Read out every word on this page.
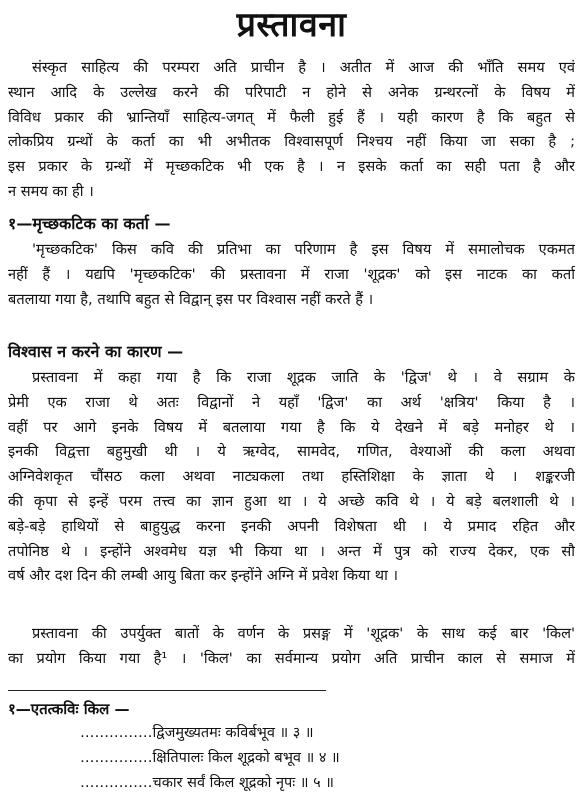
प्रस्तावना
संस्कृत साहित्य की परम्परा अति प्राचीन है । अतीत में आज की भाँति समय एवं
स्थान आदि के उल्लेख करने की परिपाटी न होने से अनेक ग्रन्थरत्नों के विषय में
विविध प्रकार की भ्रान्तियाँ साहित्य-जगत् में फैली हुई हैं । यही कारण है कि बहुत से
लोकप्रिय ग्रन्थों के कर्ता का भी अभीतक विश्वासपूर्ण निश्चय नहीं किया जा सका है ;
इस प्रकार के ग्रन्थों में मृच्छकटिक भी एक है । न इसके कर्ता का सही पता है और
न समय का ही ।
१—मृच्छकटिक का कर्ता —
'मृच्छकटिक' किस कवि की प्रतिभा का परिणाम है इस विषय में समालोचक एकमत
नहीं हैं । यद्यपि 'मृच्छकटिक' की प्रस्तावना में राजा 'शूद्रक' को इस नाटक का कर्ता
बतलाया गया है, तथापि बहुत से विद्वान् इस पर विश्वास नहीं करते हैं ।
विश्वास न करने का कारण —
प्रस्तावना में कहा गया है कि राजा शूद्रक जाति के 'द्विज' थे । वे सग्राम के
प्रेमी एक राजा थे अतः विद्वानों ने यहाँ 'द्विज' का अर्थ 'क्षत्रिय' किया है ।
वहीं पर आगे इनके विषय में बतलाया गया है कि ये देखने में बड़े मनोहर थे ।
इनकी विद्वत्ता बहुमुखी थी । ये ऋग्वेद, सामवेद, गणित, वेश्याओं की कला अथवा
अग्निवेशकृत चौंसठ कला अथवा नाट्यकला तथा हस्तिशिक्षा के ज्ञाता थे । शङ्करजी
की कृपा से इन्हें परम तत्त्व का ज्ञान हुआ था । ये अच्छे कवि थे । ये बड़े बलशाली थे ।
बड़े-बड़े हाथियों से बाहुयुद्ध करना इनकी अपनी विशेषता थी । ये प्रमाद रहित और
तपोनिष्ठ थे । इन्होंने अश्वमेध यज्ञ भी किया था । अन्त में पुत्र को राज्य देकर, एक सौ
वर्ष और दश दिन की लम्बी आयु बिता कर इन्होंने अग्नि में प्रवेश किया था ।
प्रस्तावना की उपर्युक्त बातों के वर्णन के प्रसङ्ग में 'शूद्रक' के साथ कई बार 'किल'
का प्रयोग किया गया है¹ । 'किल' का सर्वमान्य प्रयोग अति प्राचीन काल से समाज में
१—एतत्कविः किल —
……………द्विजमुख्यतमः कविर्बभूव ॥ ३ ॥
……………क्षितिपालः किल शूद्रको बभूव ॥ ४ ॥
……………चकार सर्वं किल शूद्रको नृपः ॥ ५ ॥
